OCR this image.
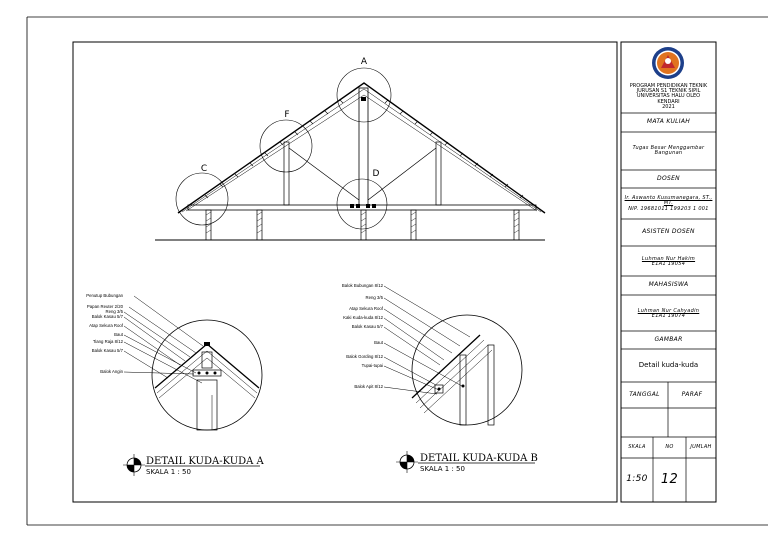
A
F
C	D
DETAIL KUDA-KUDA A
SKALA 1 : 50
DETAIL KUDA-KUDA B
SKALA 1 : 50
Penutup Bubungan
Papan Reuter 2/20
Reng 3/5
Balok Kasau 5/7
Atap Sekura Roof
Baut
Tiang Raja 8/12
Balok Kasau 5/7
Balok Angin
Balok Bubungan 8/12
Reng 3/5
Atap Sekura Roof
Kaki Kuda-kuda 8/12
Balok Kasau 5/7
Baut
Balok Gording 8/12
Tupai-tupai
Balok Apit 8/12
PROGRAM PENDIDIKAN TEKNIK
JURUSAN S1 TEKNIK SIPIL
UNIVERSITAS HALU OLEO
KENDARI
2021
MATA KULIAH
Tugas Besar Menggambar Bangunan
DOSEN
Ir. Aswanto Kusumanegara, ST., MT.
NIP. 19681011 199203 1 001
ASISTEN DOSEN
Luhman Nur Hakim
E1A1 19054
MAHASISWA
Luhman Nur Cahyadin
E1A1 19074
GAMBAR
Detail kuda-kuda
TANGGAL	PARAF
SKALA	NO	JUMLAH
1:50	12
